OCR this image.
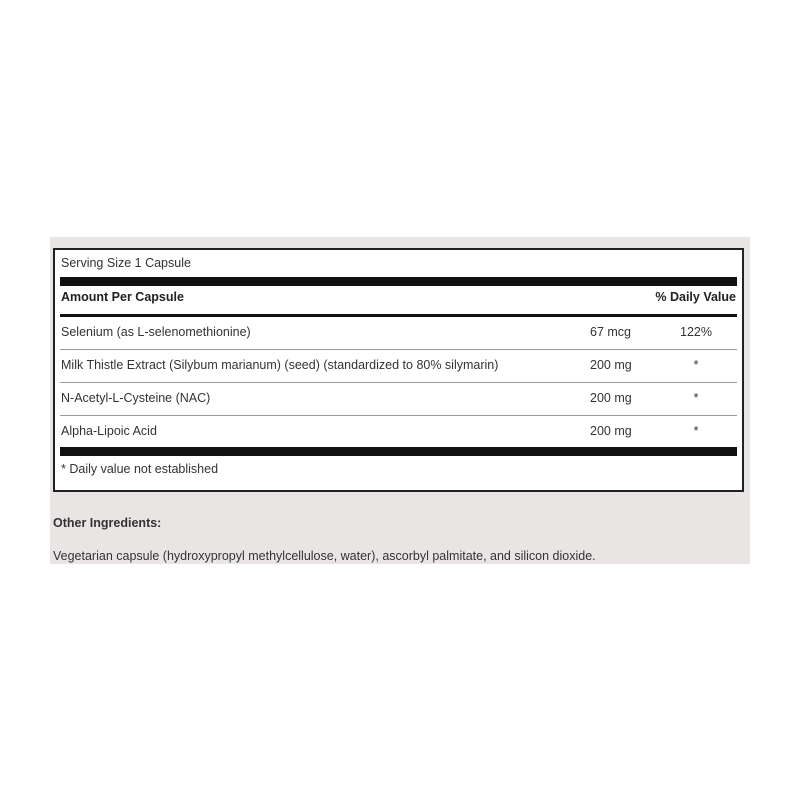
Serving Size 1 Capsule
Amount Per Capsule	% Daily Value
Selenium (as L-selenomethionine)	67 mcg	122%
Milk Thistle Extract (Silybum marianum) (seed) (standardized to 80% silymarin)	200 mg	*
N-Acetyl-L-Cysteine (NAC)	200 mg	*
Alpha-Lipoic Acid	200 mg	*
* Daily value not established
Other Ingredients:
Vegetarian capsule (hydroxypropyl methylcellulose, water), ascorbyl palmitate, and silicon dioxide.
